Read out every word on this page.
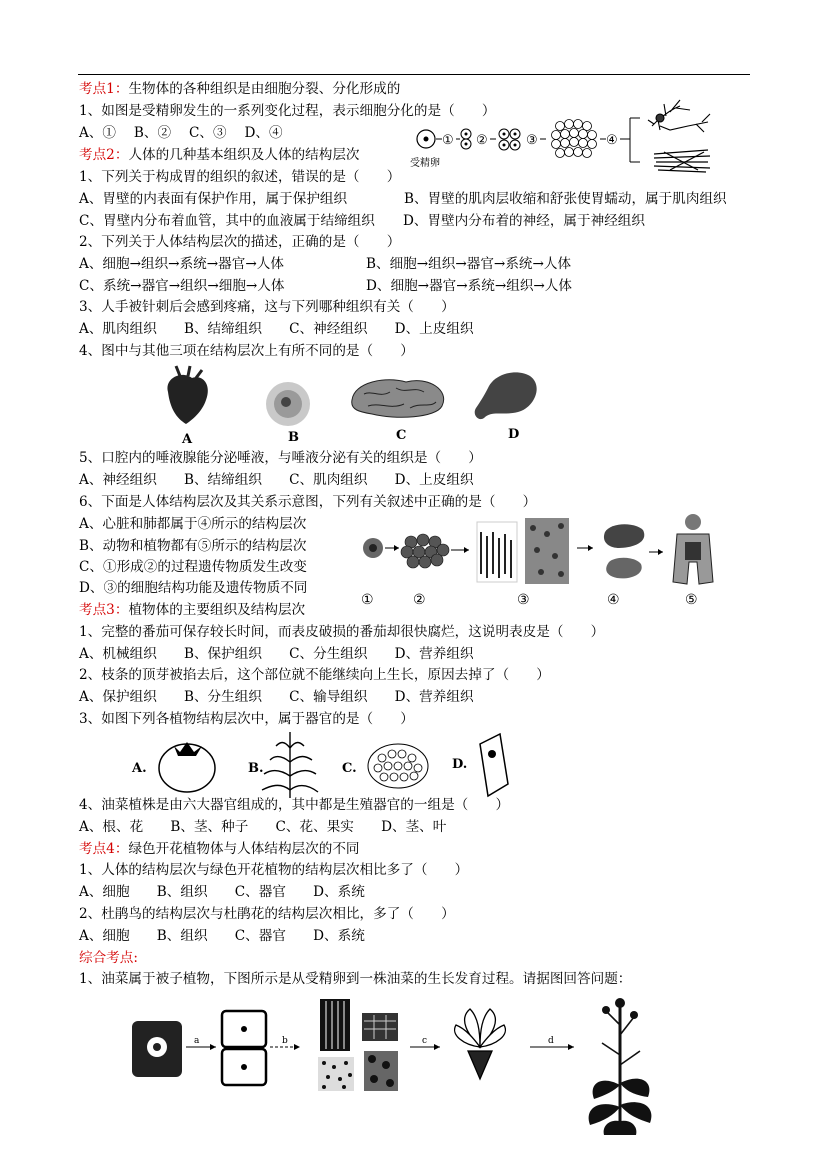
考点1：生物体的各种组织是由细胞分裂、分化形成的
1、如图是受精卵发生的一系列变化过程，表示细胞分化的是（　　）
A、①　 B、②　 C、③　 D、④
受精卵
① ②	③	④
考点2：人体的几种基本组织及人体的结构层次
1、下列关于构成胃的组织的叙述，错误的是（　　）
A、胃壁的内表面有保护作用，属于保护组织	B、胃壁的肌肉层收缩和舒张使胃蠕动，属于肌肉组织
C、胃壁内分布着血管，其中的血液属于结缔组织 D、胃壁内分布着的神经，属于神经组织
2、下列关于人体结构层次的描述，正确的是（　　）
A、细胞→组织→系统→器官→人体	B、细胞→组织→器官→系统→人体
C、系统→器官→组织→细胞→人体	D、细胞→器官→系统→组织→人体
3、人手被针刺后会感到疼痛，这与下列哪种组织有关（　　）
A、肌肉组织　　B、结缔组织　　C、神经组织　　D、上皮组织
4、图中与其他三项在结构层次上有所不同的是（　　）
A	B	C	D
5、口腔内的唾液腺能分泌唾液，与唾液分泌有关的组织是（　　）
A、神经组织　　B、结缔组织　　C、肌肉组织　　D、上皮组织
6、下面是人体结构层次及其关系示意图，下列有关叙述中正确的是（　　）
A、心脏和肺都属于④所示的结构层次
B、动物和植物都有⑤所示的结构层次
C、①形成②的过程遗传物质发生改变
D、③的细胞结构功能及遗传物质不同
①	②	③	④	⑤
考点3：植物体的主要组织及结构层次
1、完整的番茄可保存较长时间，而表皮破损的番茄却很快腐烂，这说明表皮是（　　）
A、机械组织　　B、保护组织　　C、分生组织　　D、营养组织
2、枝条的顶芽被掐去后，这个部位就不能继续向上生长，原因去掉了（　　）
A、保护组织　　B、分生组织　　C、输导组织　　D、营养组织
3、如图下列各植物结构层次中，属于器官的是（　　）
A.	B.	C.	D.
4、油菜植株是由六大器官组成的，其中都是生殖器官的一组是（　　）
A、根、花　　B、茎、种子　　C、花、果实　　D、茎、叶
考点4：绿色开花植物体与人体结构层次的不同
1、人体的结构层次与绿色开花植物的结构层次相比多了（　　）
A、细胞　　B、组织　　C、器官　　D、系统
2、杜鹃鸟的结构层次与杜鹃花的结构层次相比，多了（　　）
A、细胞　　B、组织　　C、器官　　D、系统
综合考点:
1、油菜属于被子植物，下图所示是从受精卵到一株油菜的生长发育过程。请据图回答问题：
a	b	c	d
